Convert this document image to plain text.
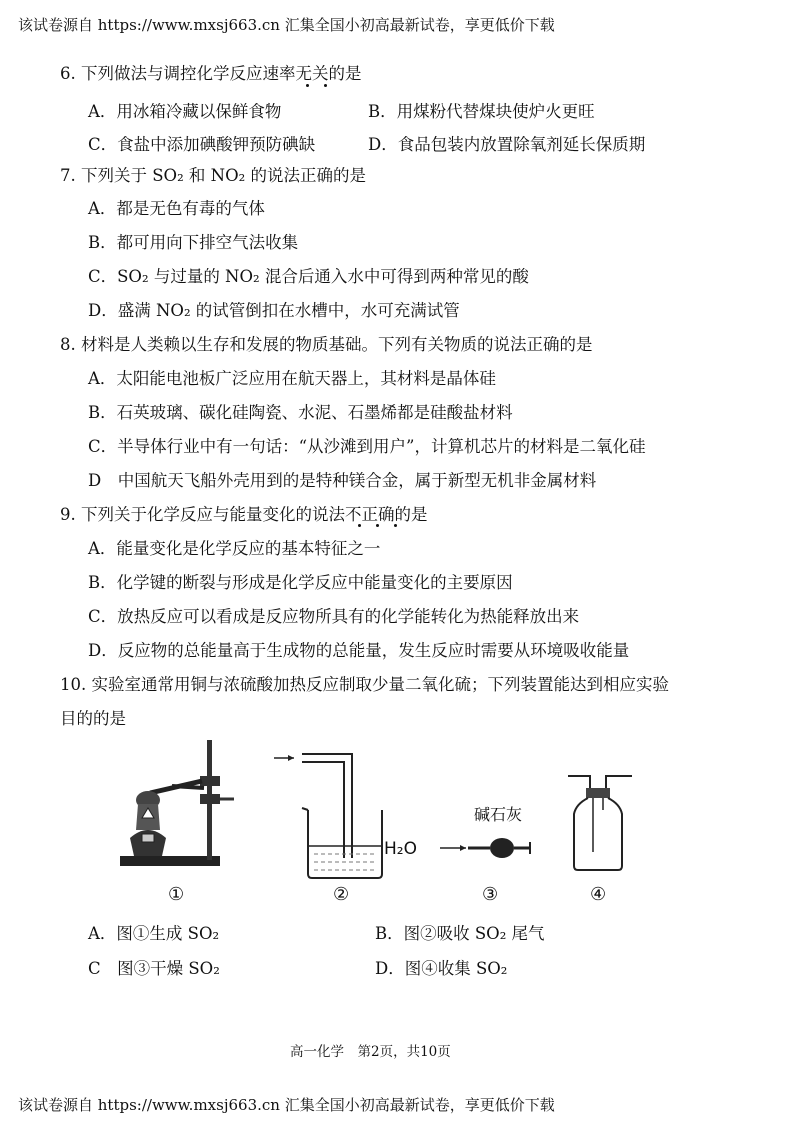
该试卷源自 https://www.mxsj663.cn 汇集全国小初高最新试卷，享更低价下载
6. 下列做法与调控化学反应速率无关的是
A．用冰箱冷藏以保鲜食物	B．用煤粉代替煤块使炉火更旺
C．食盐中添加碘酸钾预防碘缺	D．食品包装内放置除氧剂延长保质期
7. 下列关于 SO₂ 和 NO₂ 的说法正确的是
A．都是无色有毒的气体
B．都可用向下排空气法收集
C．SO₂ 与过量的 NO₂ 混合后通入水中可得到两种常见的酸
D．盛满 NO₂ 的试管倒扣在水槽中，水可充满试管
8. 材料是人类赖以生存和发展的物质基础。下列有关物质的说法正确的是
A．太阳能电池板广泛应用在航天器上，其材料是晶体硅
B．石英玻璃、碳化硅陶瓷、水泥、石墨烯都是硅酸盐材料
C．半导体行业中有一句话：“从沙滩到用户”，计算机芯片的材料是二氧化硅
D　中国航天飞船外壳用到的是特种镁合金，属于新型无机非金属材料
9. 下列关于化学反应与能量变化的说法不正确的是
A．能量变化是化学反应的基本特征之一
B．化学键的断裂与形成是化学反应中能量变化的主要原因
C．放热反应可以看成是反应物所具有的化学能转化为热能释放出来
D．反应物的总能量高于生成物的总能量，发生反应时需要从环境吸收能量
10. 实验室通常用铜与浓硫酸加热反应制取少量二氧化硫；下列装置能达到相应实验
目的的是
H₂O
碱石灰
①	②	③	④
A．图①生成 SO₂	B．图②吸收 SO₂ 尾气
C　图③干燥 SO₂	D．图④收集 SO₂
高一化学　第2页，共10页
该试卷源自 https://www.mxsj663.cn 汇集全国小初高最新试卷，享更低价下载
